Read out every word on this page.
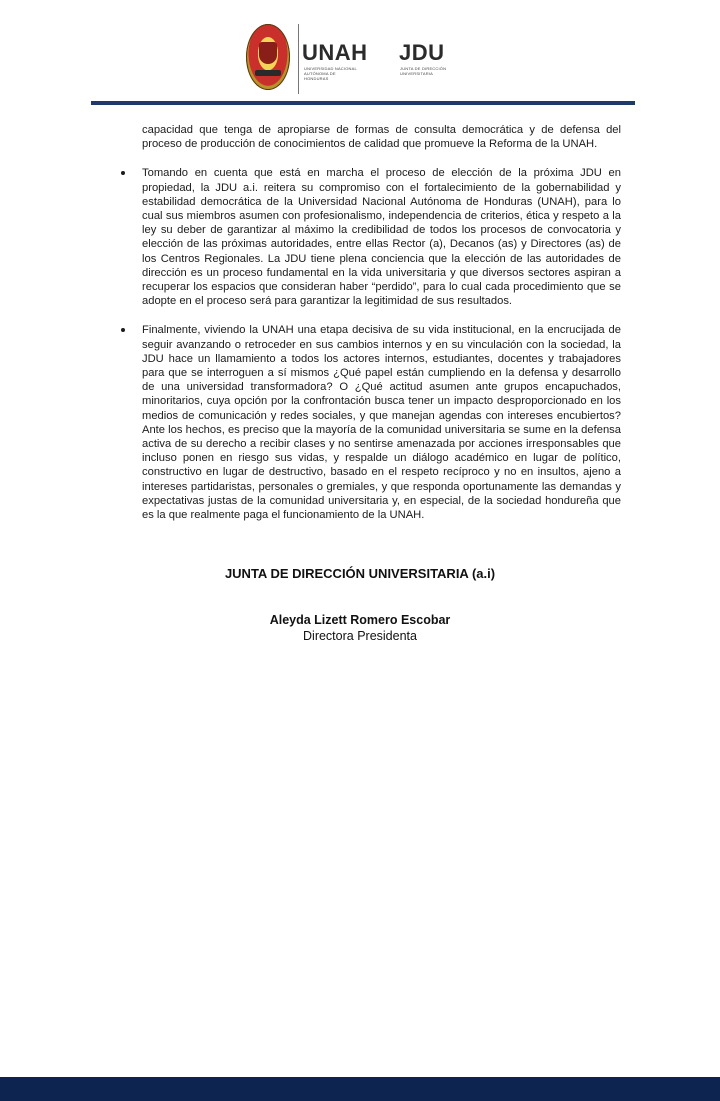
UNAH
UNIVERSIDAD NACIONAL AUTÓNOMA DE HONDURAS
JDU
JUNTA DE DIRECCIÓN UNIVERSITARIA

capacidad que tenga de apropiarse de formas de consulta democrática y de defensa del proceso de producción de conocimientos de calidad que promueve la Reforma de la UNAH.

Tomando en cuenta que está en marcha el proceso de elección de la próxima JDU en propiedad, la JDU a.i. reitera su compromiso con el fortalecimiento de la gobernabilidad y estabilidad democrática de la Universidad Nacional Autónoma de Honduras (UNAH), para lo cual sus miembros asumen con profesionalismo, independencia de criterios, ética y respeto a la ley su deber de garantizar al máximo la credibilidad de todos los procesos de convocatoria y elección de las próximas autoridades, entre ellas Rector (a), Decanos (as) y Directores (as) de los Centros Regionales. La JDU tiene plena conciencia que la elección de las autoridades de dirección es un proceso fundamental en la vida universitaria y que diversos sectores aspiran a recuperar los espacios que consideran haber “perdido”, para lo cual cada procedimiento que se adopte en el proceso será para garantizar la legitimidad de sus resultados.

Finalmente, viviendo la UNAH una etapa decisiva de su vida institucional, en la encrucijada de seguir avanzando o retroceder en sus cambios internos y en su vinculación con la sociedad, la JDU hace un llamamiento a todos los actores internos, estudiantes, docentes y trabajadores para que se interroguen a sí mismos ¿Qué papel están cumpliendo en la defensa y desarrollo de una universidad transformadora? O ¿Qué actitud asumen ante grupos encapuchados, minoritarios, cuya opción por la confrontación busca tener un impacto desproporcionado en los medios de comunicación y redes sociales, y que manejan agendas con intereses encubiertos? Ante los hechos, es preciso que la mayoría de la comunidad universitaria se sume en la defensa activa de su derecho a recibir clases y no sentirse amenazada por acciones irresponsables que incluso ponen en riesgo sus vidas, y respalde un diálogo académico en lugar de político, constructivo en lugar de destructivo, basado en el respeto recíproco y no en insultos, ajeno a intereses partidaristas, personales o gremiales, y que responda oportunamente las demandas y expectativas justas de la comunidad universitaria y, en especial, de la sociedad hondureña que es la que realmente paga el funcionamiento de la UNAH.

JUNTA DE DIRECCIÓN UNIVERSITARIA (a.i)
Aleyda Lizett Romero Escobar
Directora Presidenta
